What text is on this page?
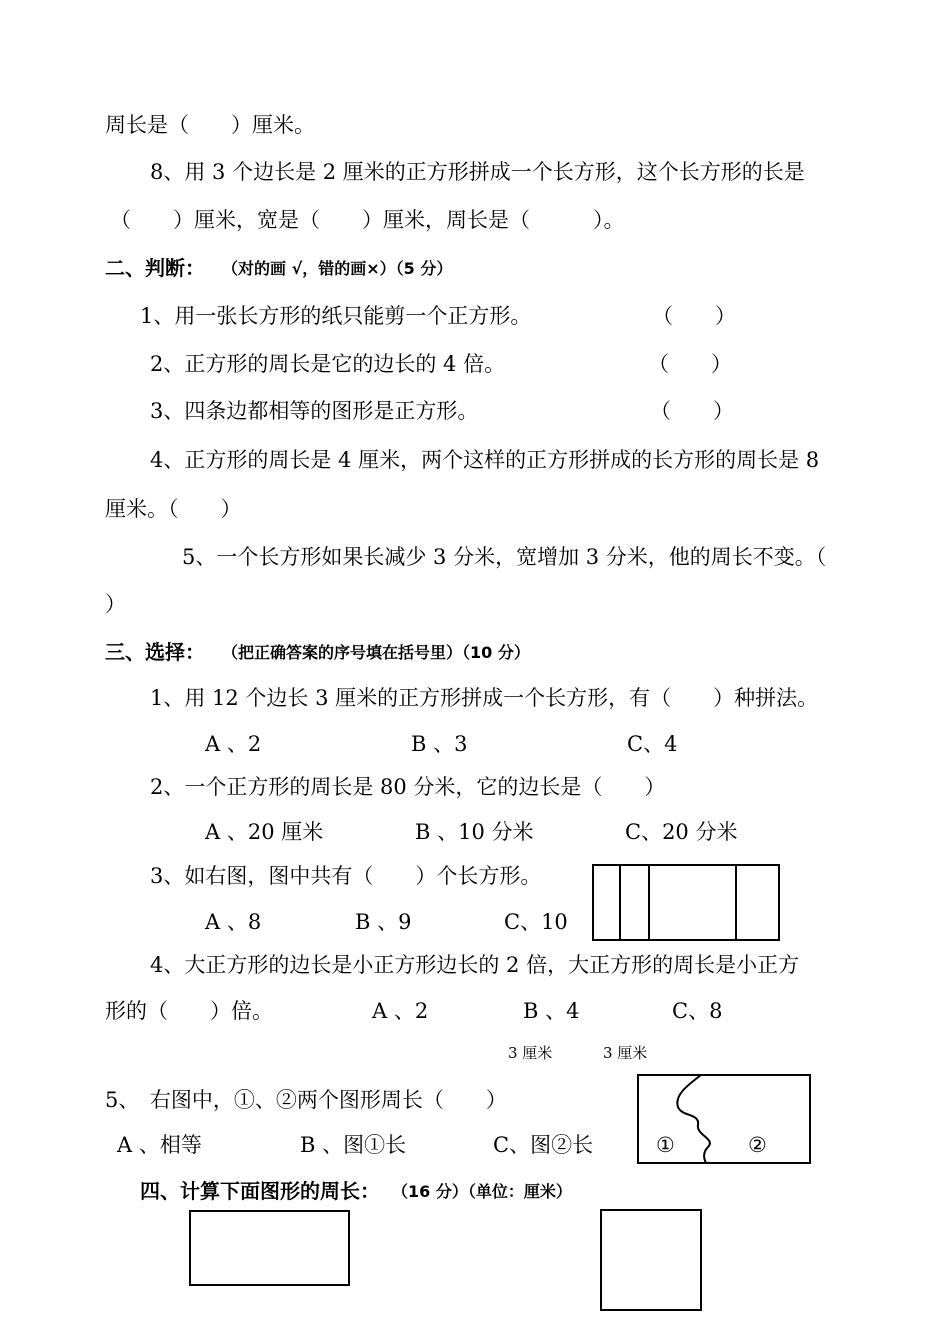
周长是（　　）厘米。
8、用 3 个边长是 2 厘米的正方形拼成一个长方形，这个长方形的长是
（　　）厘米，宽是（　　）厘米，周长是（　　　）。
二、判断： （对的画 √，错的画×）（5 分）
1、用一张长方形的纸只能剪一个正方形。	（　　）
2、正方形的周长是它的边长的 4 倍。	（　　）
3、四条边都相等的图形是正方形。	（　　）
4、正方形的周长是 4 厘米，两个这样的正方形拼成的长方形的周长是 8
厘米。（　　）
5、一个长方形如果长减少 3 分米，宽增加 3 分米，他的周长不变。（
）
三、选择： （把正确答案的序号填在括号里）（10 分）
1、用 12 个边长 3 厘米的正方形拼成一个长方形，有（　　）种拼法。
A 、2	B 、3	C、4
2、一个正方形的周长是 80 分米，它的边长是（　　）
A 、20 厘米	B 、10 分米	C、20 分米
3、如右图，图中共有（　　）个长方形。
A 、8	B 、9	C、10
4、大正方形的边长是小正方形边长的 2 倍，大正方形的周长是小正方
形的（　　）倍。	A 、2	B 、4	C、8
3 厘米	3 厘米
5、　右图中，①、②两个图形周长（　　）
A 、相等	B 、图①长	C、图②长	①	②
四、计算下面图形的周长： （16 分）（单位：厘米）
